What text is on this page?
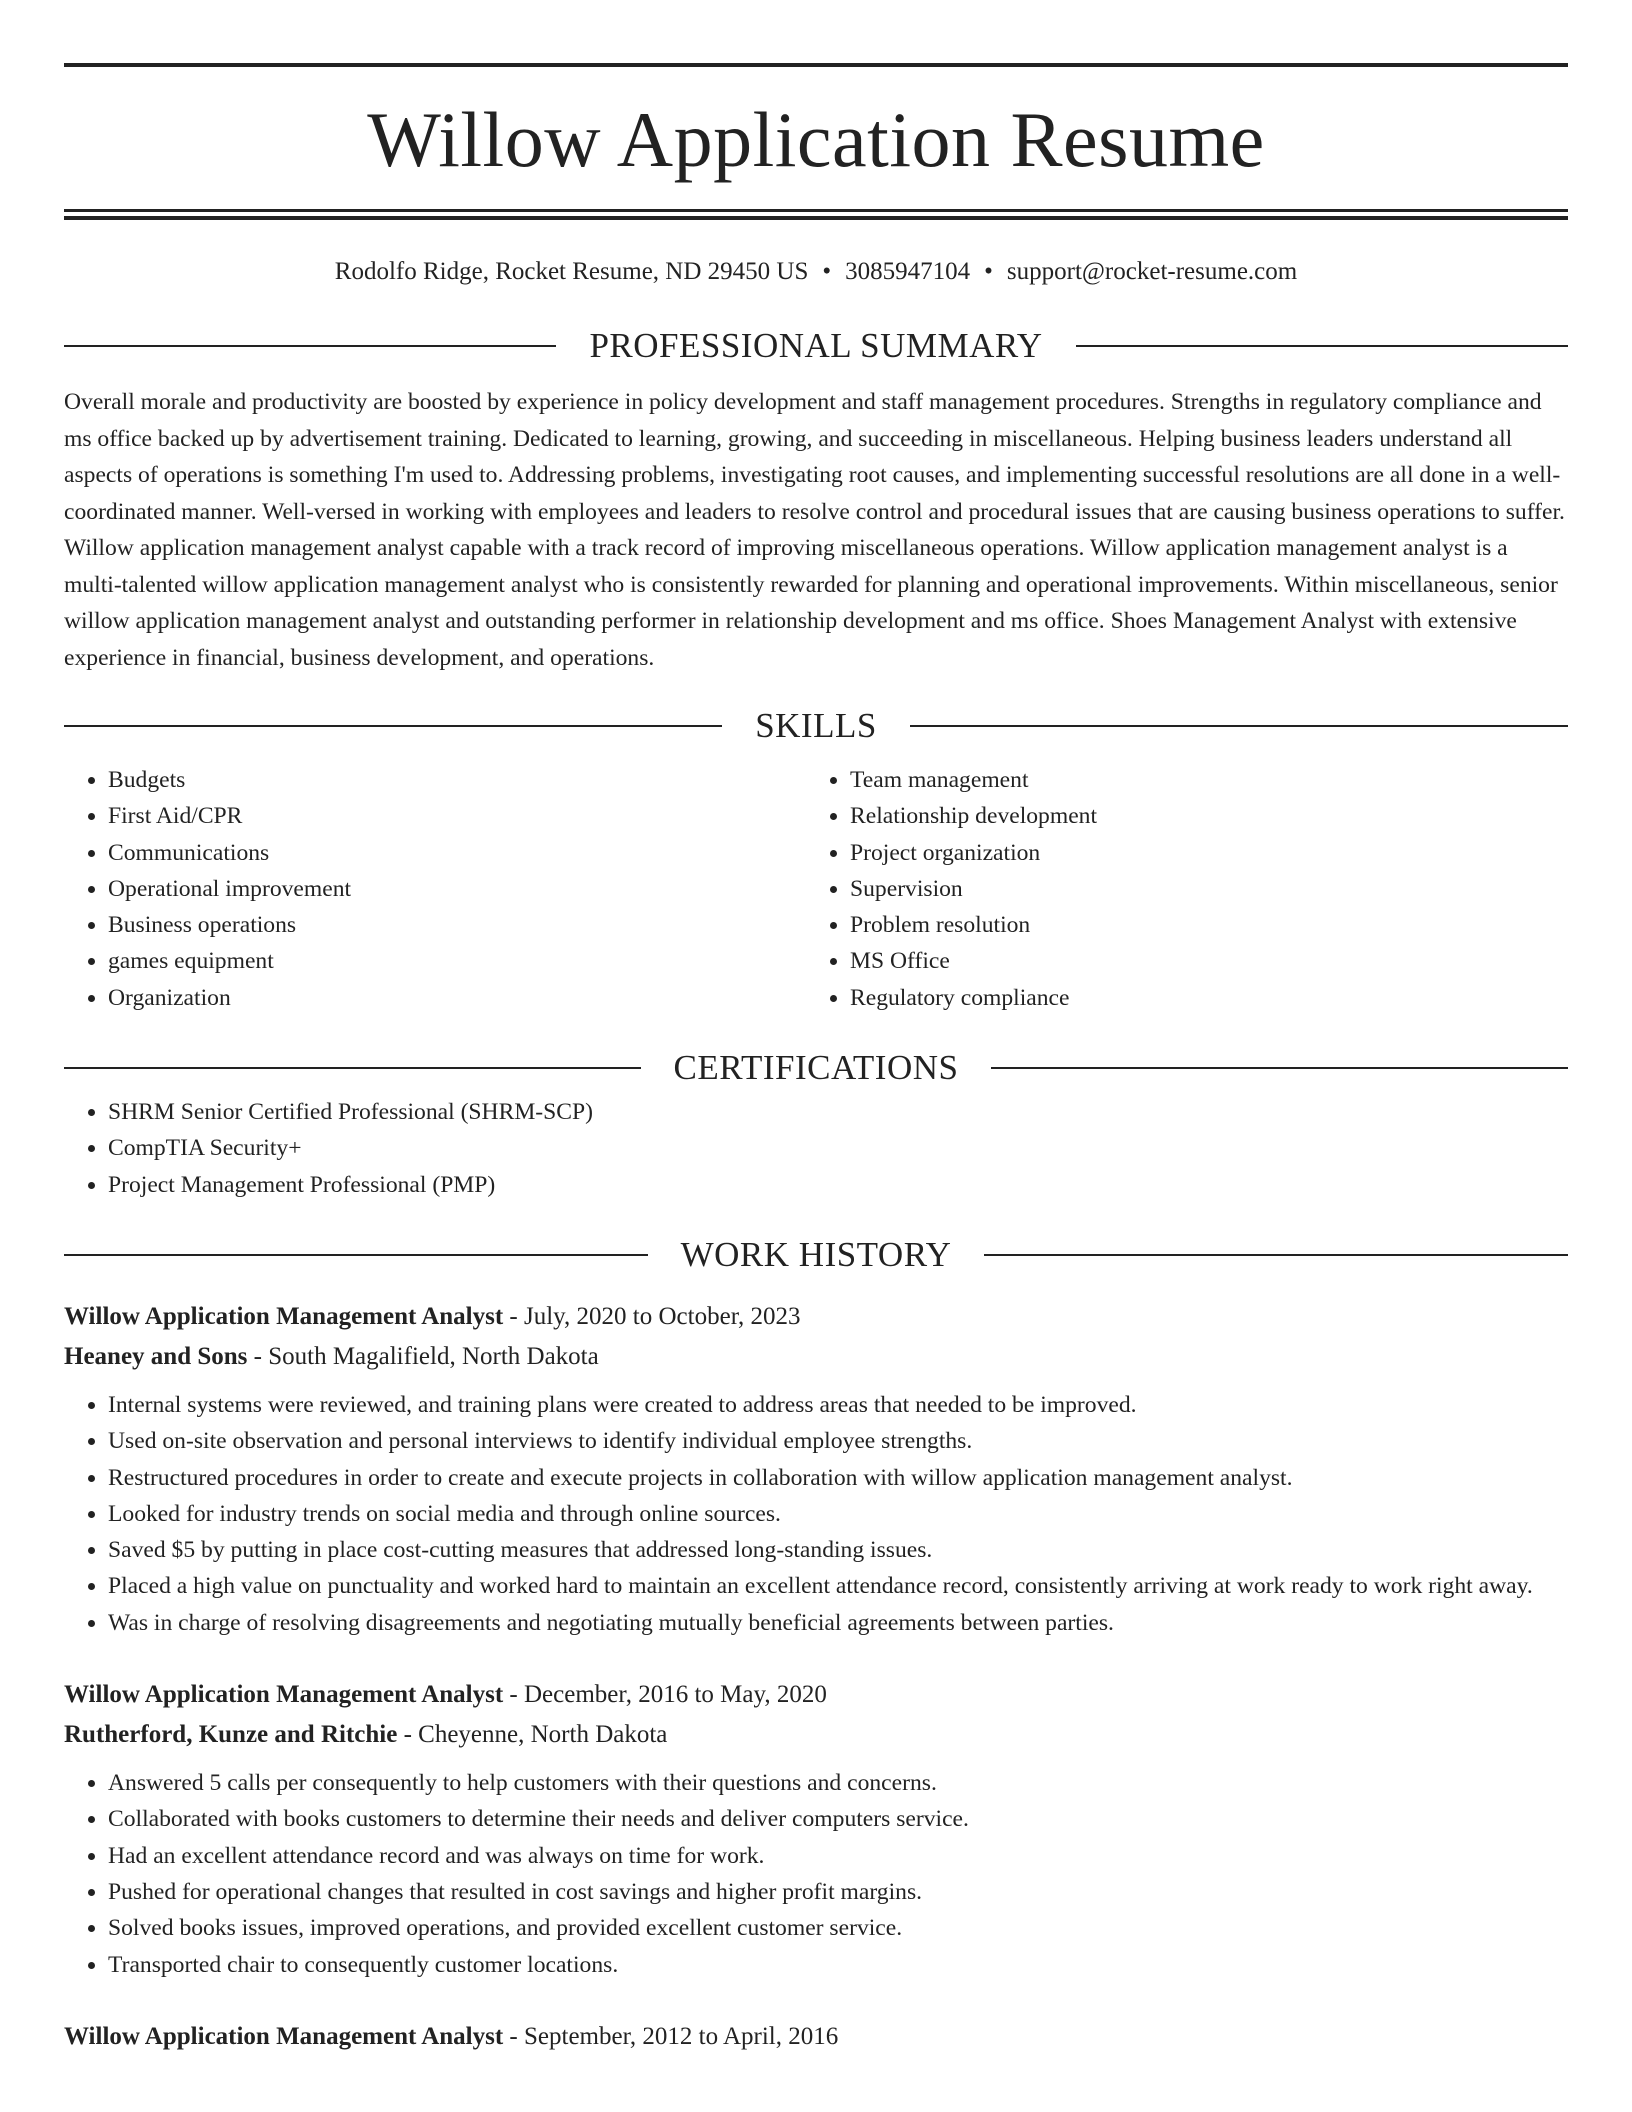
Willow Application Resume
Rodolfo Ridge, Rocket Resume, ND 29450 US • 3085947104 • support@rocket-resume.com
PROFESSIONAL SUMMARY

Overall morale and productivity are boosted by experience in policy development and staff management procedures. Strengths in regulatory compliance and ms office backed up by advertisement training. Dedicated to learning, growing, and succeeding in miscellaneous. Helping business leaders understand all aspects of operations is something I'm used to. Addressing problems, investigating root causes, and implementing successful resolutions are all done in a well-coordinated manner. Well-versed in working with employees and leaders to resolve control and procedural issues that are causing business operations to suffer. Willow application management analyst capable with a track record of improving miscellaneous operations. Willow application management analyst is a multi-talented willow application management analyst who is consistently rewarded for planning and operational improvements. Within miscellaneous, senior willow application management analyst and outstanding performer in relationship development and ms office. Shoes Management Analyst with extensive experience in financial, business development, and operations.

SKILLS
• Budgets
• First Aid/CPR
• Communications
• Operational improvement
• Business operations
• games equipment
• Organization
• Team management
• Relationship development
• Project organization
• Supervision
• Problem resolution
• MS Office
• Regulatory compliance
CERTIFICATIONS
• SHRM Senior Certified Professional (SHRM-SCP)
• CompTIA Security+
• Project Management Professional (PMP)
WORK HISTORY
Willow Application Management Analyst - July, 2020 to October, 2023
Heaney and Sons - South Magalifield, North Dakota
• Internal systems were reviewed, and training plans were created to address areas that needed to be improved.
• Used on-site observation and personal interviews to identify individual employee strengths.
• Restructured procedures in order to create and execute projects in collaboration with willow application management analyst.
• Looked for industry trends on social media and through online sources.
• Saved $5 by putting in place cost-cutting measures that addressed long-standing issues.
• Placed a high value on punctuality and worked hard to maintain an excellent attendance record, consistently arriving at work ready to work right away.
• Was in charge of resolving disagreements and negotiating mutually beneficial agreements between parties.
Willow Application Management Analyst - December, 2016 to May, 2020
Rutherford, Kunze and Ritchie - Cheyenne, North Dakota
• Answered 5 calls per consequently to help customers with their questions and concerns.
• Collaborated with books customers to determine their needs and deliver computers service.
• Had an excellent attendance record and was always on time for work.
• Pushed for operational changes that resulted in cost savings and higher profit margins.
• Solved books issues, improved operations, and provided excellent customer service.
• Transported chair to consequently customer locations.
Willow Application Management Analyst - September, 2012 to April, 2016
